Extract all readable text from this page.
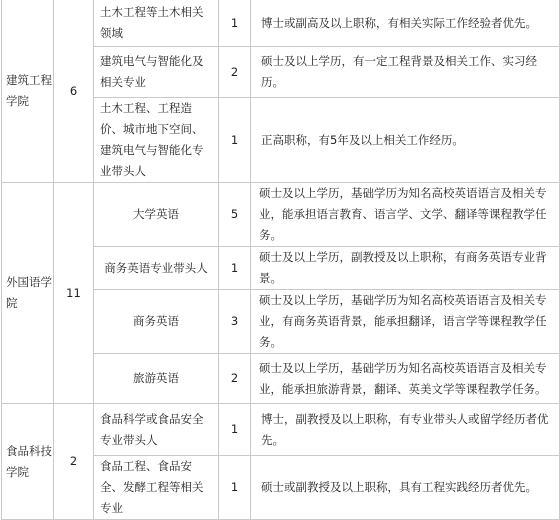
建筑工程学院	6	土木工程等土木相关领域	1	博士或副高及以上职称，有相关实际工作经验者优先。
		建筑电气与智能化及相关专业	2	硕士及以上学历，有一定工程背景及相关工作、实习经历。
		土木工程、工程造价、城市地下空间、建筑电气与智能化专业带头人	1	正高职称，有5年及以上相关工作经历。
外国语学院	11	大学英语	5	硕士及以上学历，基础学历为知名高校英语语言及相关专业，能承担语言教育、语言学、文学、翻译等课程教学任务。
		商务英语专业带头人	1	硕士及以上学历，副教授及以上职称，有商务英语专业背景。
		商务英语	3	硕士及以上学历，基础学历为知名高校英语语言及相关专业，有商务英语背景，能承担翻译，语言学等课程教学任务。
		旅游英语	2	硕士及以上学历，基础学历为知名高校英语语言及相关专业，能承担旅游背景，翻译、英美文学等课程教学任务。
食品科技学院	2	食品科学或食品安全专业带头人	1	博士，副教授及以上职称，有专业带头人或留学经历者优先。
		食品工程、食品安全、发酵工程等相关专业	1	硕士或副教授及以上职称，具有工程实践经历者优先。
